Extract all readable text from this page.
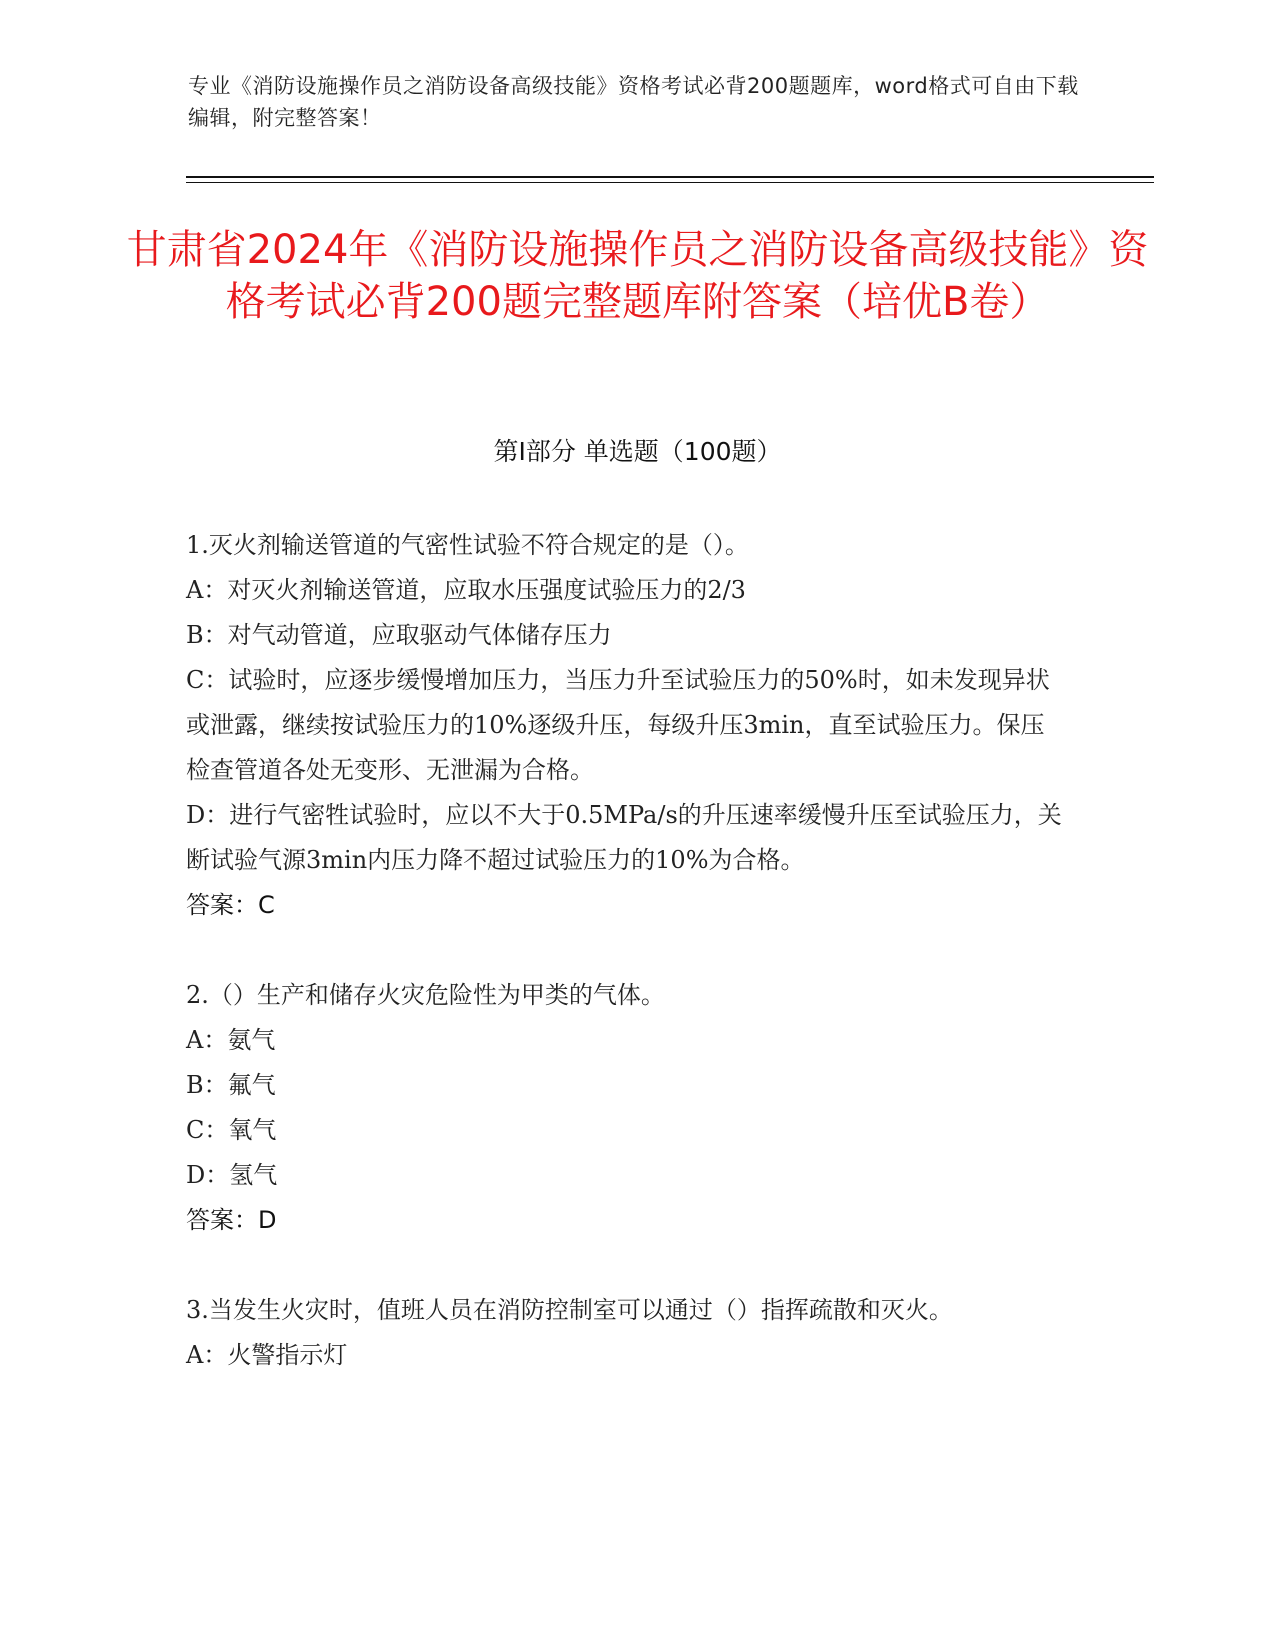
专业《消防设施操作员之消防设备高级技能》资格考试必背200题题库，word格式可自由下载编辑，附完整答案！
甘肃省2024年《消防设施操作员之消防设备高级技能》资格考试必背200题完整题库附答案（培优B卷）
第Ⅰ部分 单选题（100题）

1.灭火剂输送管道的气密性试验不符合规定的是（）。

A：对灭火剂输送管道，应取水压强度试验压力的2/3

B：对气动管道，应取驱动气体储存压力

C：试验时，应逐步缓慢增加压力，当压力升至试验压力的50%时，如未发现异状或泄露，继续按试验压力的10%逐级升压，每级升压3min，直至试验压力。保压检查管道各处无变形、无泄漏为合格。

D：进行气密牲试验时，应以不大于0.5MPa/s的升压速率缓慢升压至试验压力，关断试验气源3min内压力降不超过试验压力的10%为合格。

答案：C

2.（）生产和储存火灾危险性为甲类的气体。

A：氨气

B：氟气

C：氧气

D：氢气

答案：D

3.当发生火灾时，值班人员在消防控制室可以通过（）指挥疏散和灭火。

A：火警指示灯
